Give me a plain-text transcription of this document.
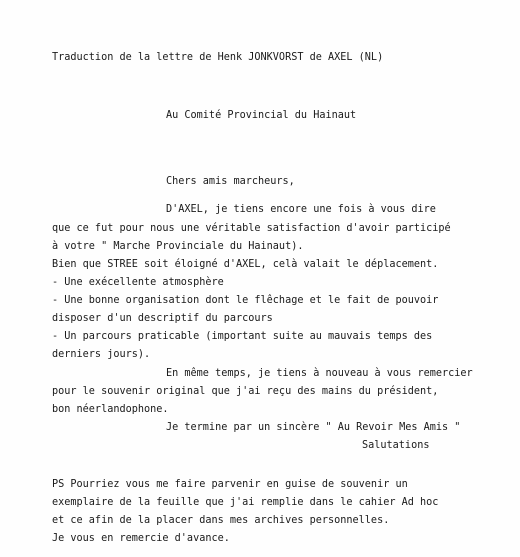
Traduction de la lettre de Henk JONKVORST de AXEL (NL)
Au Comité Provincial du Hainaut
Chers amis marcheurs,
D'AXEL, je tiens encore une fois à vous dire
que ce fut pour nous une véritable satisfaction d'avoir participé
à votre " Marche Provinciale du Hainaut).
Bien que STREE soit éloigné d'AXEL, celà valait le déplacement.
- Une exécellente atmosphère
- Une bonne organisation dont le flêchage et le fait de pouvoir
disposer d'un descriptif du parcours
- Un parcours praticable (important suite au mauvais temps des
derniers jours).
En même temps, je tiens à nouveau à vous remercier
pour le souvenir original que j'ai reçu des mains du président,
bon néerlandophone.
Je termine par un sincère " Au Revoir Mes Amis "
Salutations
PS Pourriez vous me faire parvenir en guise de souvenir un
exemplaire de la feuille que j'ai remplie dans le cahier Ad hoc
et ce afin de la placer dans mes archives personnelles.
Je vous en remercie d'avance.
